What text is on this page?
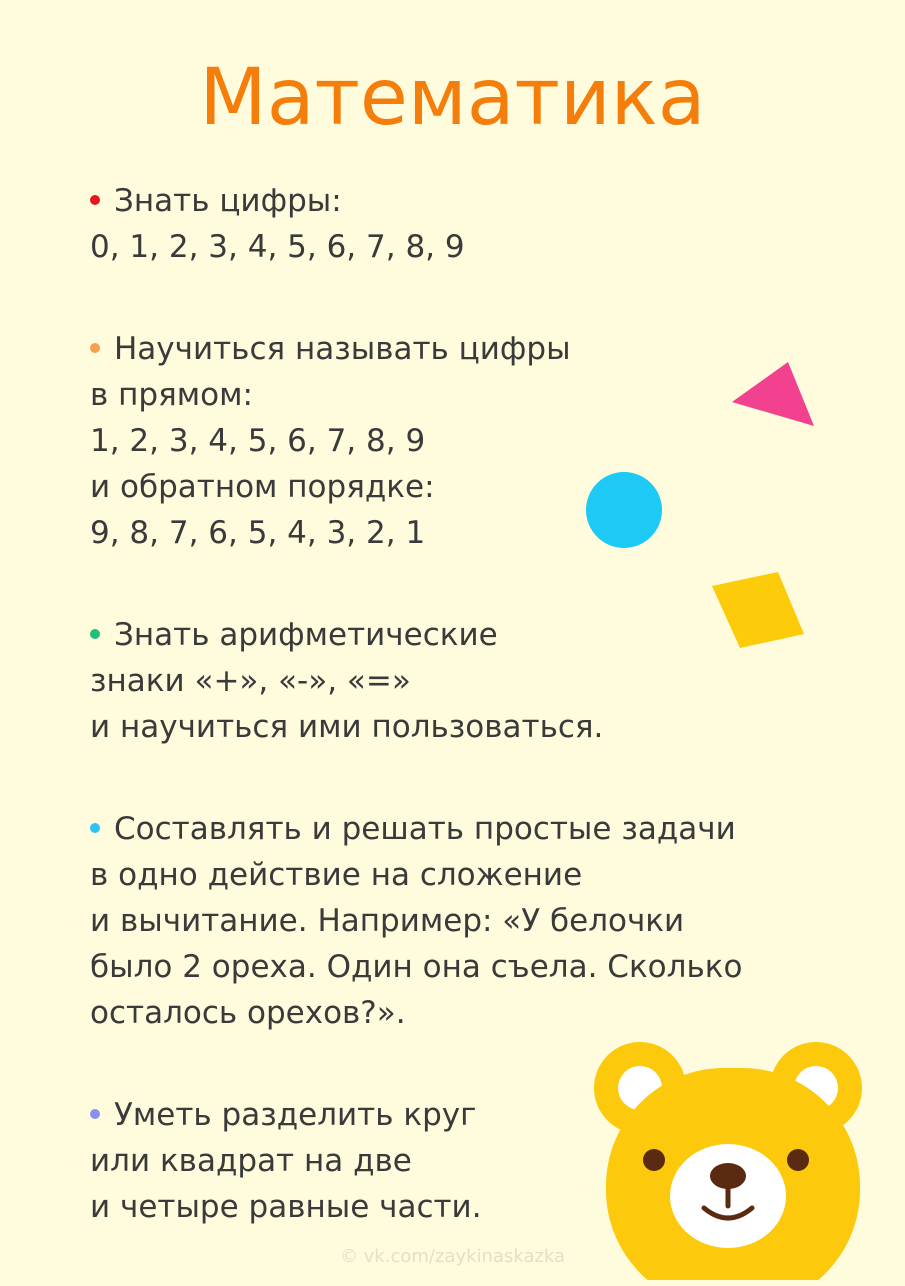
Математика
Знать цифры:
0, 1, 2, 3, 4, 5, 6, 7, 8, 9
Научиться называть цифры
в прямом:
1, 2, 3, 4, 5, 6, 7, 8, 9
и обратном порядке:
9, 8, 7, 6, 5, 4, 3, 2, 1
Знать арифметические
знаки «+», «-», «=»
и научиться ими пользоваться.
Составлять и решать простые задачи
в одно действие на сложение
и вычитание. Например: «У белочки
было 2 ореха. Один она съела. Сколько
осталось орехов?».
Уметь разделить круг
или квадрат на две
и четыре равные части.
© vk.com/zaykinaskazka
